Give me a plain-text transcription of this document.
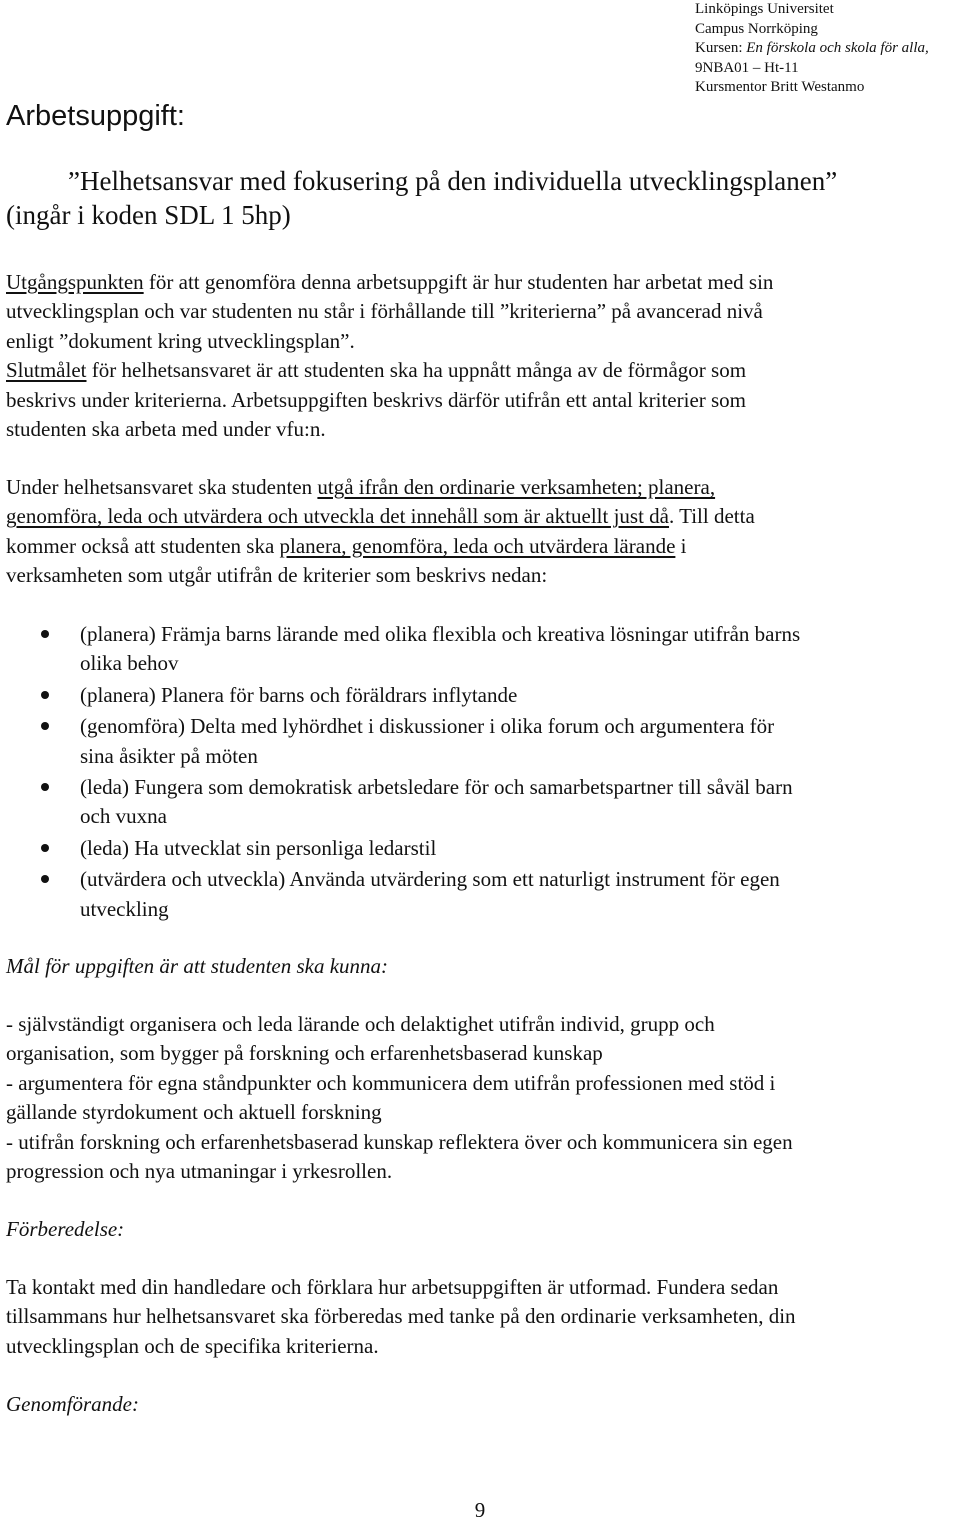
Linköpings Universitet
Campus Norrköping
Kursen: En förskola och skola för alla,
9NBA01 – Ht-11
Kursmentor Britt Westanmo
Arbetsuppgift:
”Helhetsansvar med fokusering på den individuella utvecklingsplanen”
(ingår i koden SDL 1 5hp)
Utgångspunkten för att genomföra denna arbetsuppgift är hur studenten har arbetat med sin
utvecklingsplan och var studenten nu står i förhållande till ”kriterierna” på avancerad nivå
enligt ”dokument kring utvecklingsplan”.
Slutmålet för helhetsansvaret är att studenten ska ha uppnått många av de förmågor som
beskrivs under kriterierna. Arbetsuppgiften beskrivs därför utifrån ett antal kriterier som
studenten ska arbeta med under vfu:n.
Under helhetsansvaret ska studenten utgå ifrån den ordinarie verksamheten; planera,
genomföra, leda och utvärdera och utveckla det innehåll som är aktuellt just då. Till detta
kommer också att studenten ska planera, genomföra, leda och utvärdera lärande i
verksamheten som utgår utifrån de kriterier som beskrivs nedan:
(planera) Främja barns lärande med olika flexibla och kreativa lösningar utifrån barns
olika behov
(planera) Planera för barns och föräldrars inflytande
(genomföra) Delta med lyhördhet i diskussioner i olika forum och argumentera för
sina åsikter på möten
(leda) Fungera som demokratisk arbetsledare för och samarbetspartner till såväl barn
och vuxna
(leda) Ha utvecklat sin personliga ledarstil
(utvärdera och utveckla) Använda utvärdering som ett naturligt instrument för egen
utveckling
Mål för uppgiften är att studenten ska kunna:
- självständigt organisera och leda lärande och delaktighet utifrån individ, grupp och
organisation, som bygger på forskning och erfarenhetsbaserad kunskap
- argumentera för egna ståndpunkter och kommunicera dem utifrån professionen med stöd i
gällande styrdokument och aktuell forskning
- utifrån forskning och erfarenhetsbaserad kunskap reflektera över och kommunicera sin egen
progression och nya utmaningar i yrkesrollen.
Förberedelse:
Ta kontakt med din handledare och förklara hur arbetsuppgiften är utformad. Fundera sedan
tillsammans hur helhetsansvaret ska förberedas med tanke på den ordinarie verksamheten, din
utvecklingsplan och de specifika kriterierna.
Genomförande:
9
